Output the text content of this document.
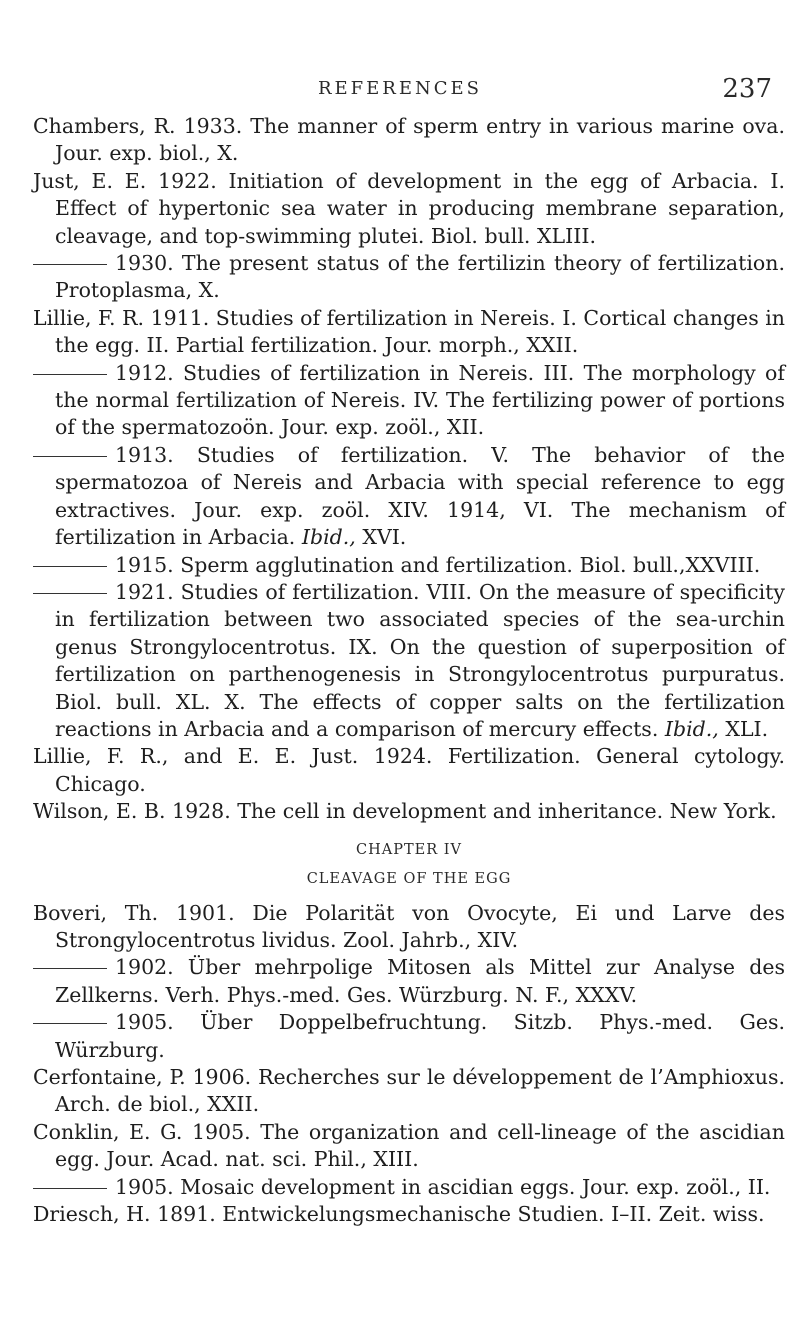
REFERENCES	237
Chambers, R. 1933. The manner of sperm entry in various marine ova. Jour. exp. biol., X.
Just, E. E. 1922. Initiation of development in the egg of Arbacia. I. Effect of hypertonic sea water in producing membrane separation, cleavage, and top-swimming plutei. Biol. bull. XLIII.
1930. The present status of the fertilizin theory of fertilization. Protoplasma, X.
Lillie, F. R. 1911. Studies of fertilization in Nereis. I. Cortical changes in the egg. II. Partial fertilization. Jour. morph., XXII.
1912. Studies of fertilization in Nereis. III. The morphology of the normal fertilization of Nereis. IV. The fertilizing power of portions of the spermatozoön. Jour. exp. zoöl., XII.
1913. Studies of fertilization. V. The behavior of the spermatozoa of Nereis and Arbacia with special reference to egg extractives. Jour. exp. zoöl. XIV. 1914, VI. The mechanism of fertilization in Arbacia. Ibid., XVI.
1915. Sperm agglutination and fertilization. Biol. bull.,XXVIII.
1921. Studies of fertilization. VIII. On the measure of specificity in fertilization between two associated species of the sea-urchin genus Strongylocentrotus. IX. On the question of superposition of fertilization on parthenogenesis in Strongylocentrotus purpuratus. Biol. bull. XL. X. The effects of copper salts on the fertilization reactions in Arbacia and a comparison of mercury effects. Ibid., XLI.
Lillie, F. R., and E. E. Just. 1924. Fertilization. General cytology. Chicago.
Wilson, E. B. 1928. The cell in development and inheritance. New York.
CHAPTER IV
CLEAVAGE OF THE EGG
Boveri, Th. 1901. Die Polarität von Ovocyte, Ei und Larve des Strongylocentrotus lividus. Zool. Jahrb., XIV.
1902. Über mehrpolige Mitosen als Mittel zur Analyse des Zellkerns. Verh. Phys.-med. Ges. Würzburg. N. F., XXXV.
1905. Über Doppelbefruchtung. Sitzb. Phys.-med. Ges. Würzburg.
Cerfontaine, P. 1906. Recherches sur le développement de l’Amphioxus. Arch. de biol., XXII.
Conklin, E. G. 1905. The organization and cell-lineage of the ascidian egg. Jour. Acad. nat. sci. Phil., XIII.
1905. Mosaic development in ascidian eggs. Jour. exp. zoöl., II.
Driesch, H. 1891. Entwickelungsmechanische Studien. I–II. Zeit. wiss.
